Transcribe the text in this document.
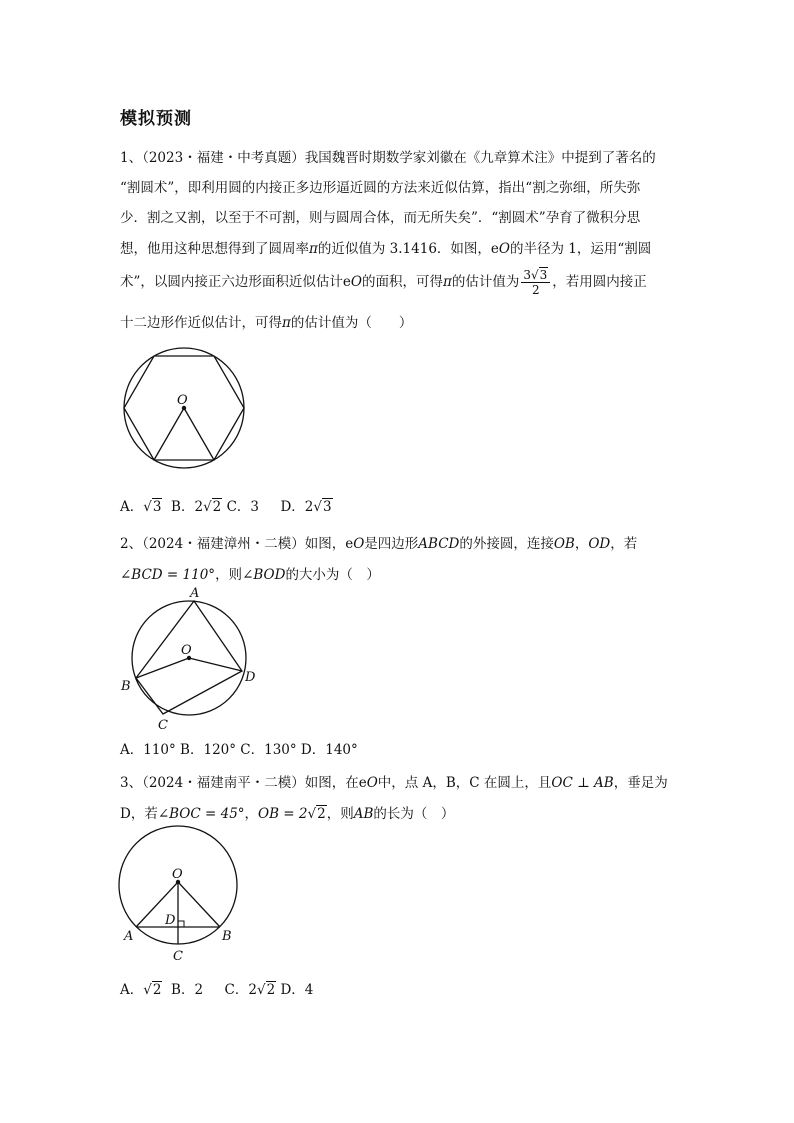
模拟预测
1、（2023・福建・中考真题）我国魏晋时期数学家刘徽在《九章算术注》中提到了著名的
“割圆术”，即利用圆的内接正多边形逼近圆的方法来近似估算，指出“割之弥细，所失弥
少．割之又割，以至于不可割，则与圆周合体，而无所失矣”．“割圆术”孕育了微积分思
想，他用这种思想得到了圆周率π的近似值为 3.1416．如图，eO的半径为 1，运用“割圆
术”，以圆内接正六边形面积近似估计eO的面积，可得π的估计值为 $\frac{3√3}{2}$ ，若用圆内接正
十二边形作近似估计，可得π的估计值为（　　）
O
A．√3 B．2√2 C．3 D．2√3
2、（2024・福建漳州・二模）如图，eO是四边形ABCD的外接圆，连接OB，OD，若
∠BCD = 110°，则∠BOD的大小为（　）
A
B
C
D
O
A．110° B．120° C．130° D．140°
3、（2024・福建南平・二模）如图，在eO中，点 A，B，C 在圆上，且OC ⊥ AB，垂足为
D，若∠BOC = 45°，OB = 2√2，则AB的长为（　）
O
D
A	B
C
A．√2 B．2 C．2√2 D．4
